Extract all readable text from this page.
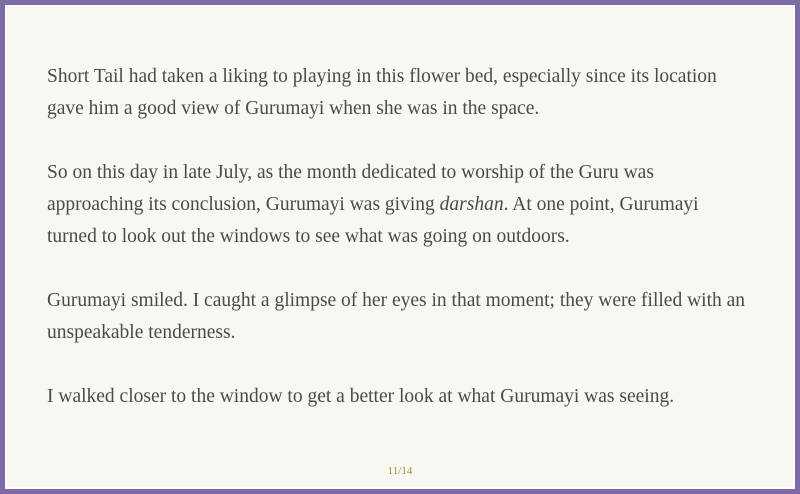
Short Tail had taken a liking to playing in this flower bed, especially since its location gave him a good view of Gurumayi when she was in the space.

So on this day in late July, as the month dedicated to worship of the Guru was approaching its conclusion, Gurumayi was giving darshan. At one point, Gurumayi turned to look out the windows to see what was going on outdoors.

Gurumayi smiled. I caught a glimpse of her eyes in that moment; they were filled with an unspeakable tenderness.

I walked closer to the window to get a better look at what Gurumayi was seeing.

11/14
